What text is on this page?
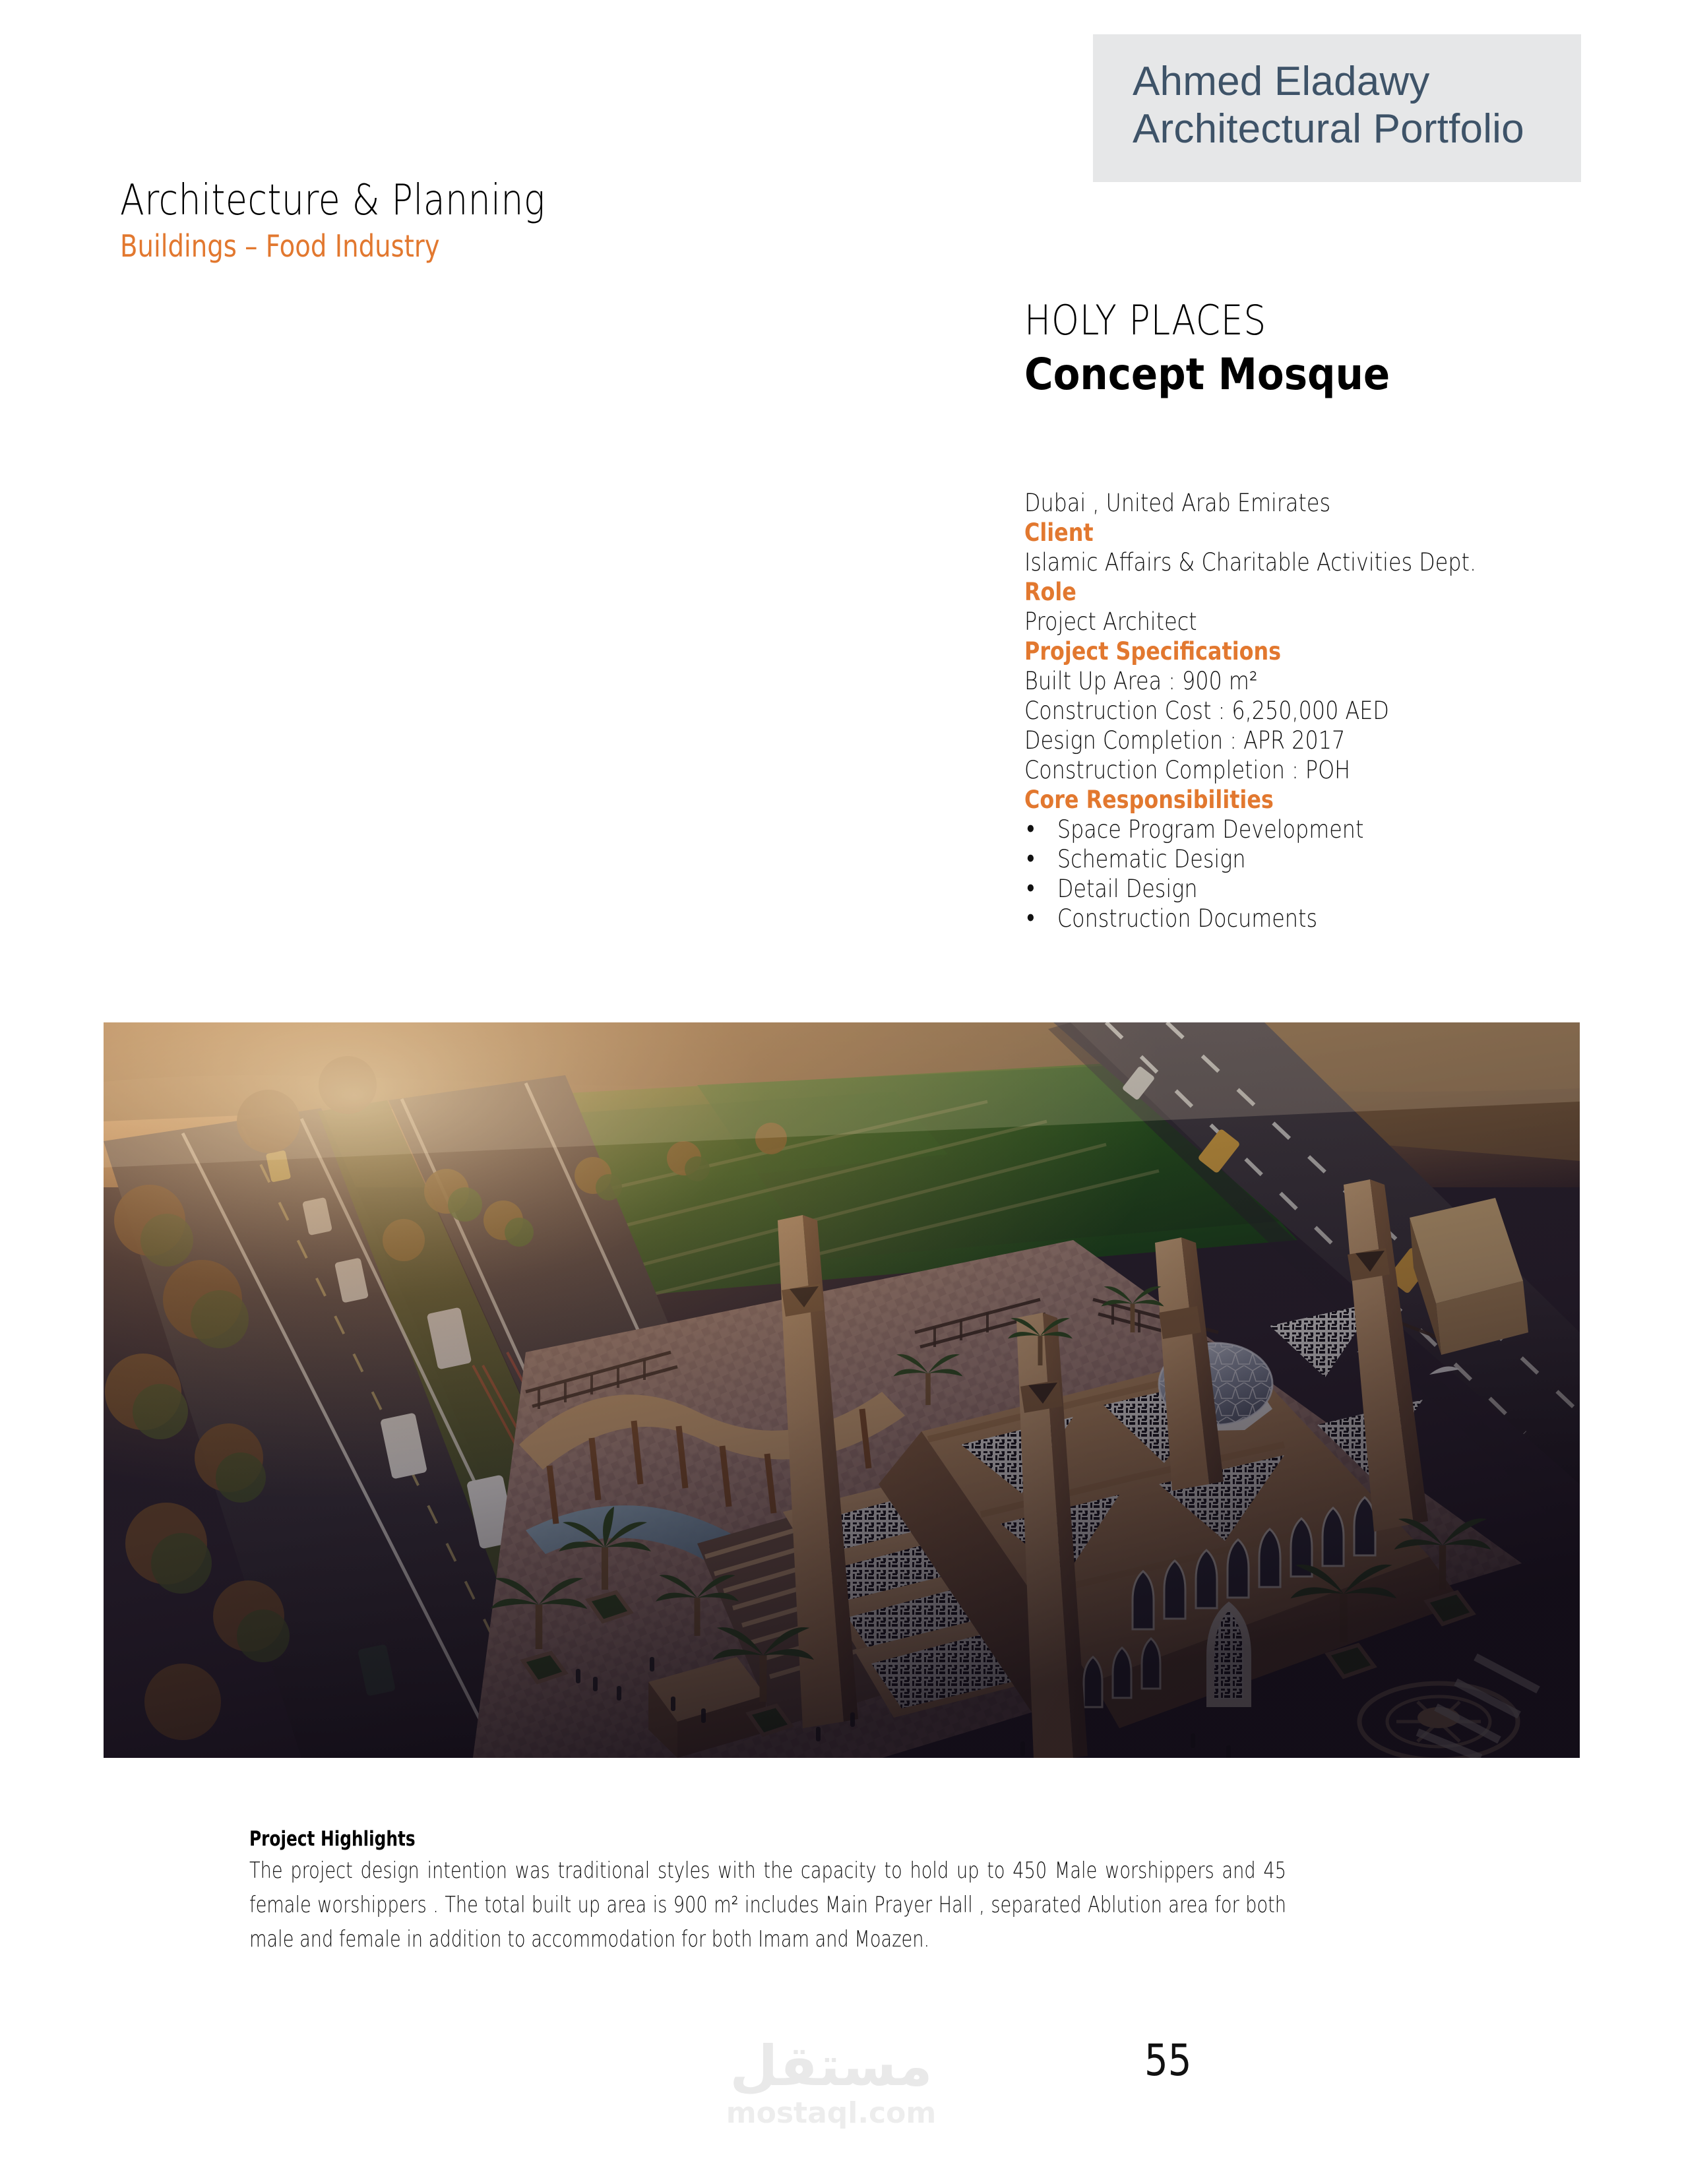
Ahmed Eladawy
Architectural Portfolio
Architecture & Planning
Buildings – Food Industry
HOLY PLACES
Concept Mosque
Dubai , United Arab Emirates
Client
Islamic Affairs & Charitable Activities Dept.
Role
Project Architect
Project Specifications
Built Up Area : 900 m²
Construction Cost : 6,250,000 AED
Design Completion : APR 2017
Construction Completion : POH
Core Responsibilities
• Space Program Development
• Schematic Design
• Detail Design
• Construction Documents
Project Highlights
The project design intention was traditional styles with the capacity to hold up to 450 Male worshippers and 45 female worshippers . The total built up area is 900 m² includes Main Prayer Hall , separated Ablution area for both male and female in addition to accommodation for both Imam and Moazen.
مستقل
mostaql.com
55
